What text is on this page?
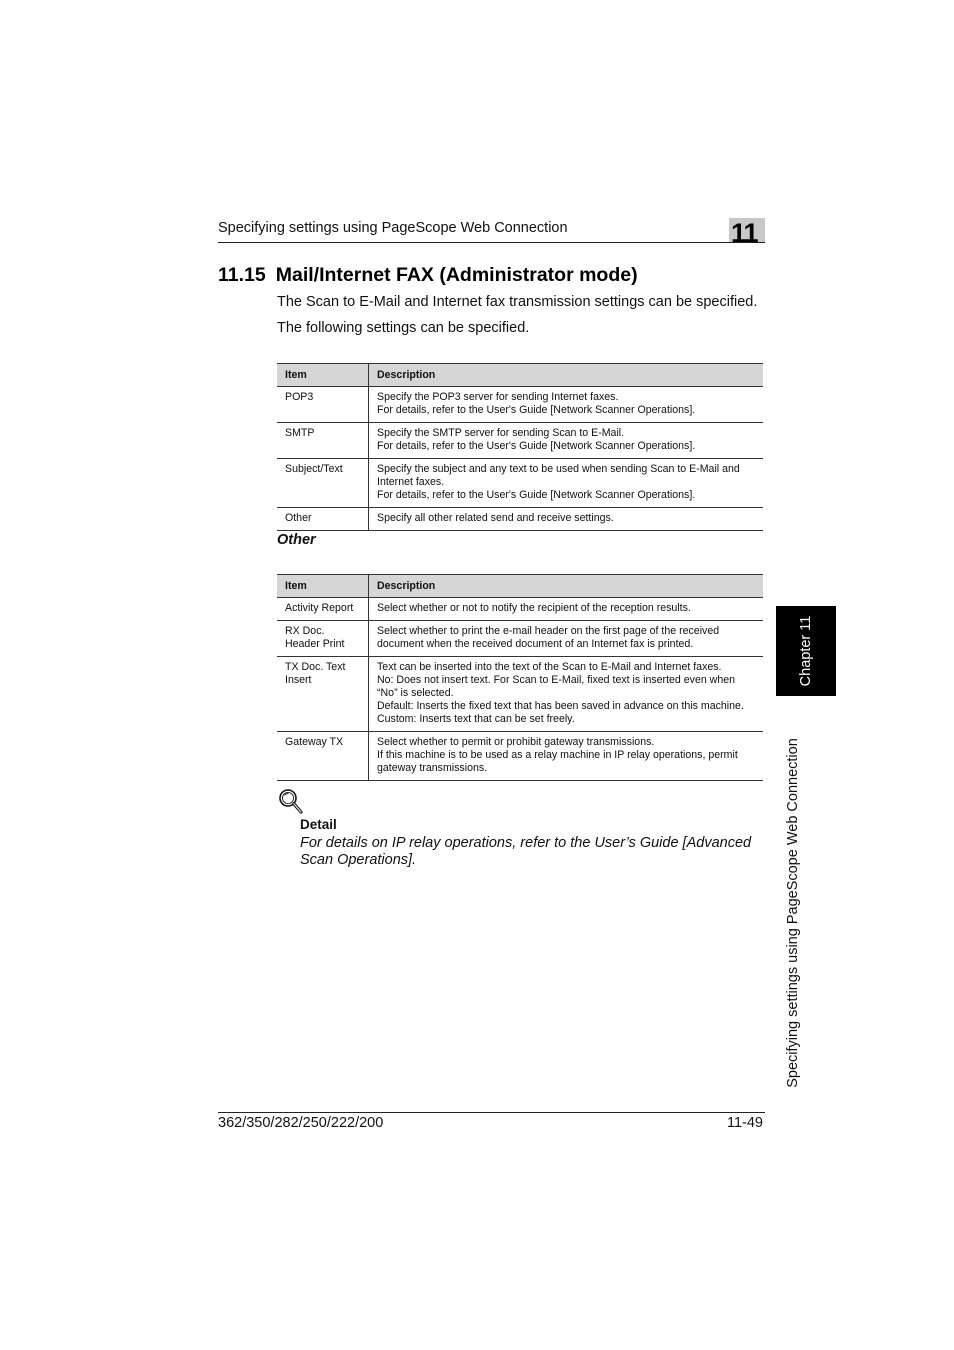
Specifying settings using PageScope Web Connection	11
11.15 Mail/Internet FAX (Administrator mode)
The Scan to E-Mail and Internet fax transmission settings can be specified.
The following settings can be specified.
Item	Description
POP3	Specify the POP3 server for sending Internet faxes.
For details, refer to the User's Guide [Network Scanner Operations].

SMTP	Specify the SMTP server for sending Scan to E-Mail.
For details, refer to the User's Guide [Network Scanner Operations].

Subject/Text	Specify the subject and any text to be used when sending Scan to E-Mail and Internet faxes.
For details, refer to the User's Guide [Network Scanner Operations].

Other	Specify all other related send and receive settings.
Other
Item	Description
Activity Report	Select whether or not to notify the recipient of the reception results.

RX Doc. Header Print	Select whether to print the e-mail header on the first page of the received document when the received document of an Internet fax is printed.

TX Doc. Text Insert	Text can be inserted into the text of the Scan to E-Mail and Internet faxes.
No: Does not insert text. For Scan to E-Mail, fixed text is inserted even when “No” is selected.
Default: Inserts the fixed text that has been saved in advance on this machine.
Custom: Inserts text that can be set freely.

Gateway TX	Select whether to permit or prohibit gateway transmissions.
If this machine is to be used as a relay machine in IP relay operations, permit gateway transmissions.
Detail
For details on IP relay operations, refer to the User’s Guide [Advanced Scan Operations].
Chapter 11
Specifying settings using PageScope Web Connection
362/350/282/250/222/200	11-49
